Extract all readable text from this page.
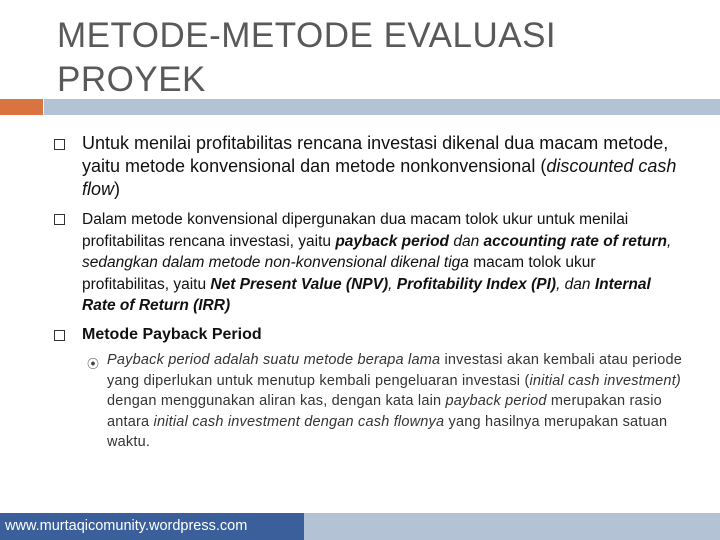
METODE-METODE EVALUASI PROYEK
Untuk menilai profitabilitas rencana investasi dikenal dua macam metode, yaitu metode konvensional dan metode nonkonvensional (discounted cash flow)
Dalam metode konvensional dipergunakan dua macam tolok ukur untuk menilai profitabilitas rencana investasi, yaitu payback period dan accounting rate of return, sedangkan dalam metode non-konvensional dikenal tiga macam tolok ukur profitabilitas, yaitu Net Present Value (NPV), Profitability Index (PI), dan Internal Rate of Return (IRR)
Metode Payback Period
⦿ Payback period adalah suatu metode berapa lama investasi akan kembali atau periode yang diperlukan untuk menutup kembali pengeluaran investasi (initial cash investment) dengan menggunakan aliran kas, dengan kata lain payback period merupakan rasio antara initial cash investment dengan cash flownya yang hasilnya merupakan satuan waktu.
www.murtaqicomunity.wordpress.com
